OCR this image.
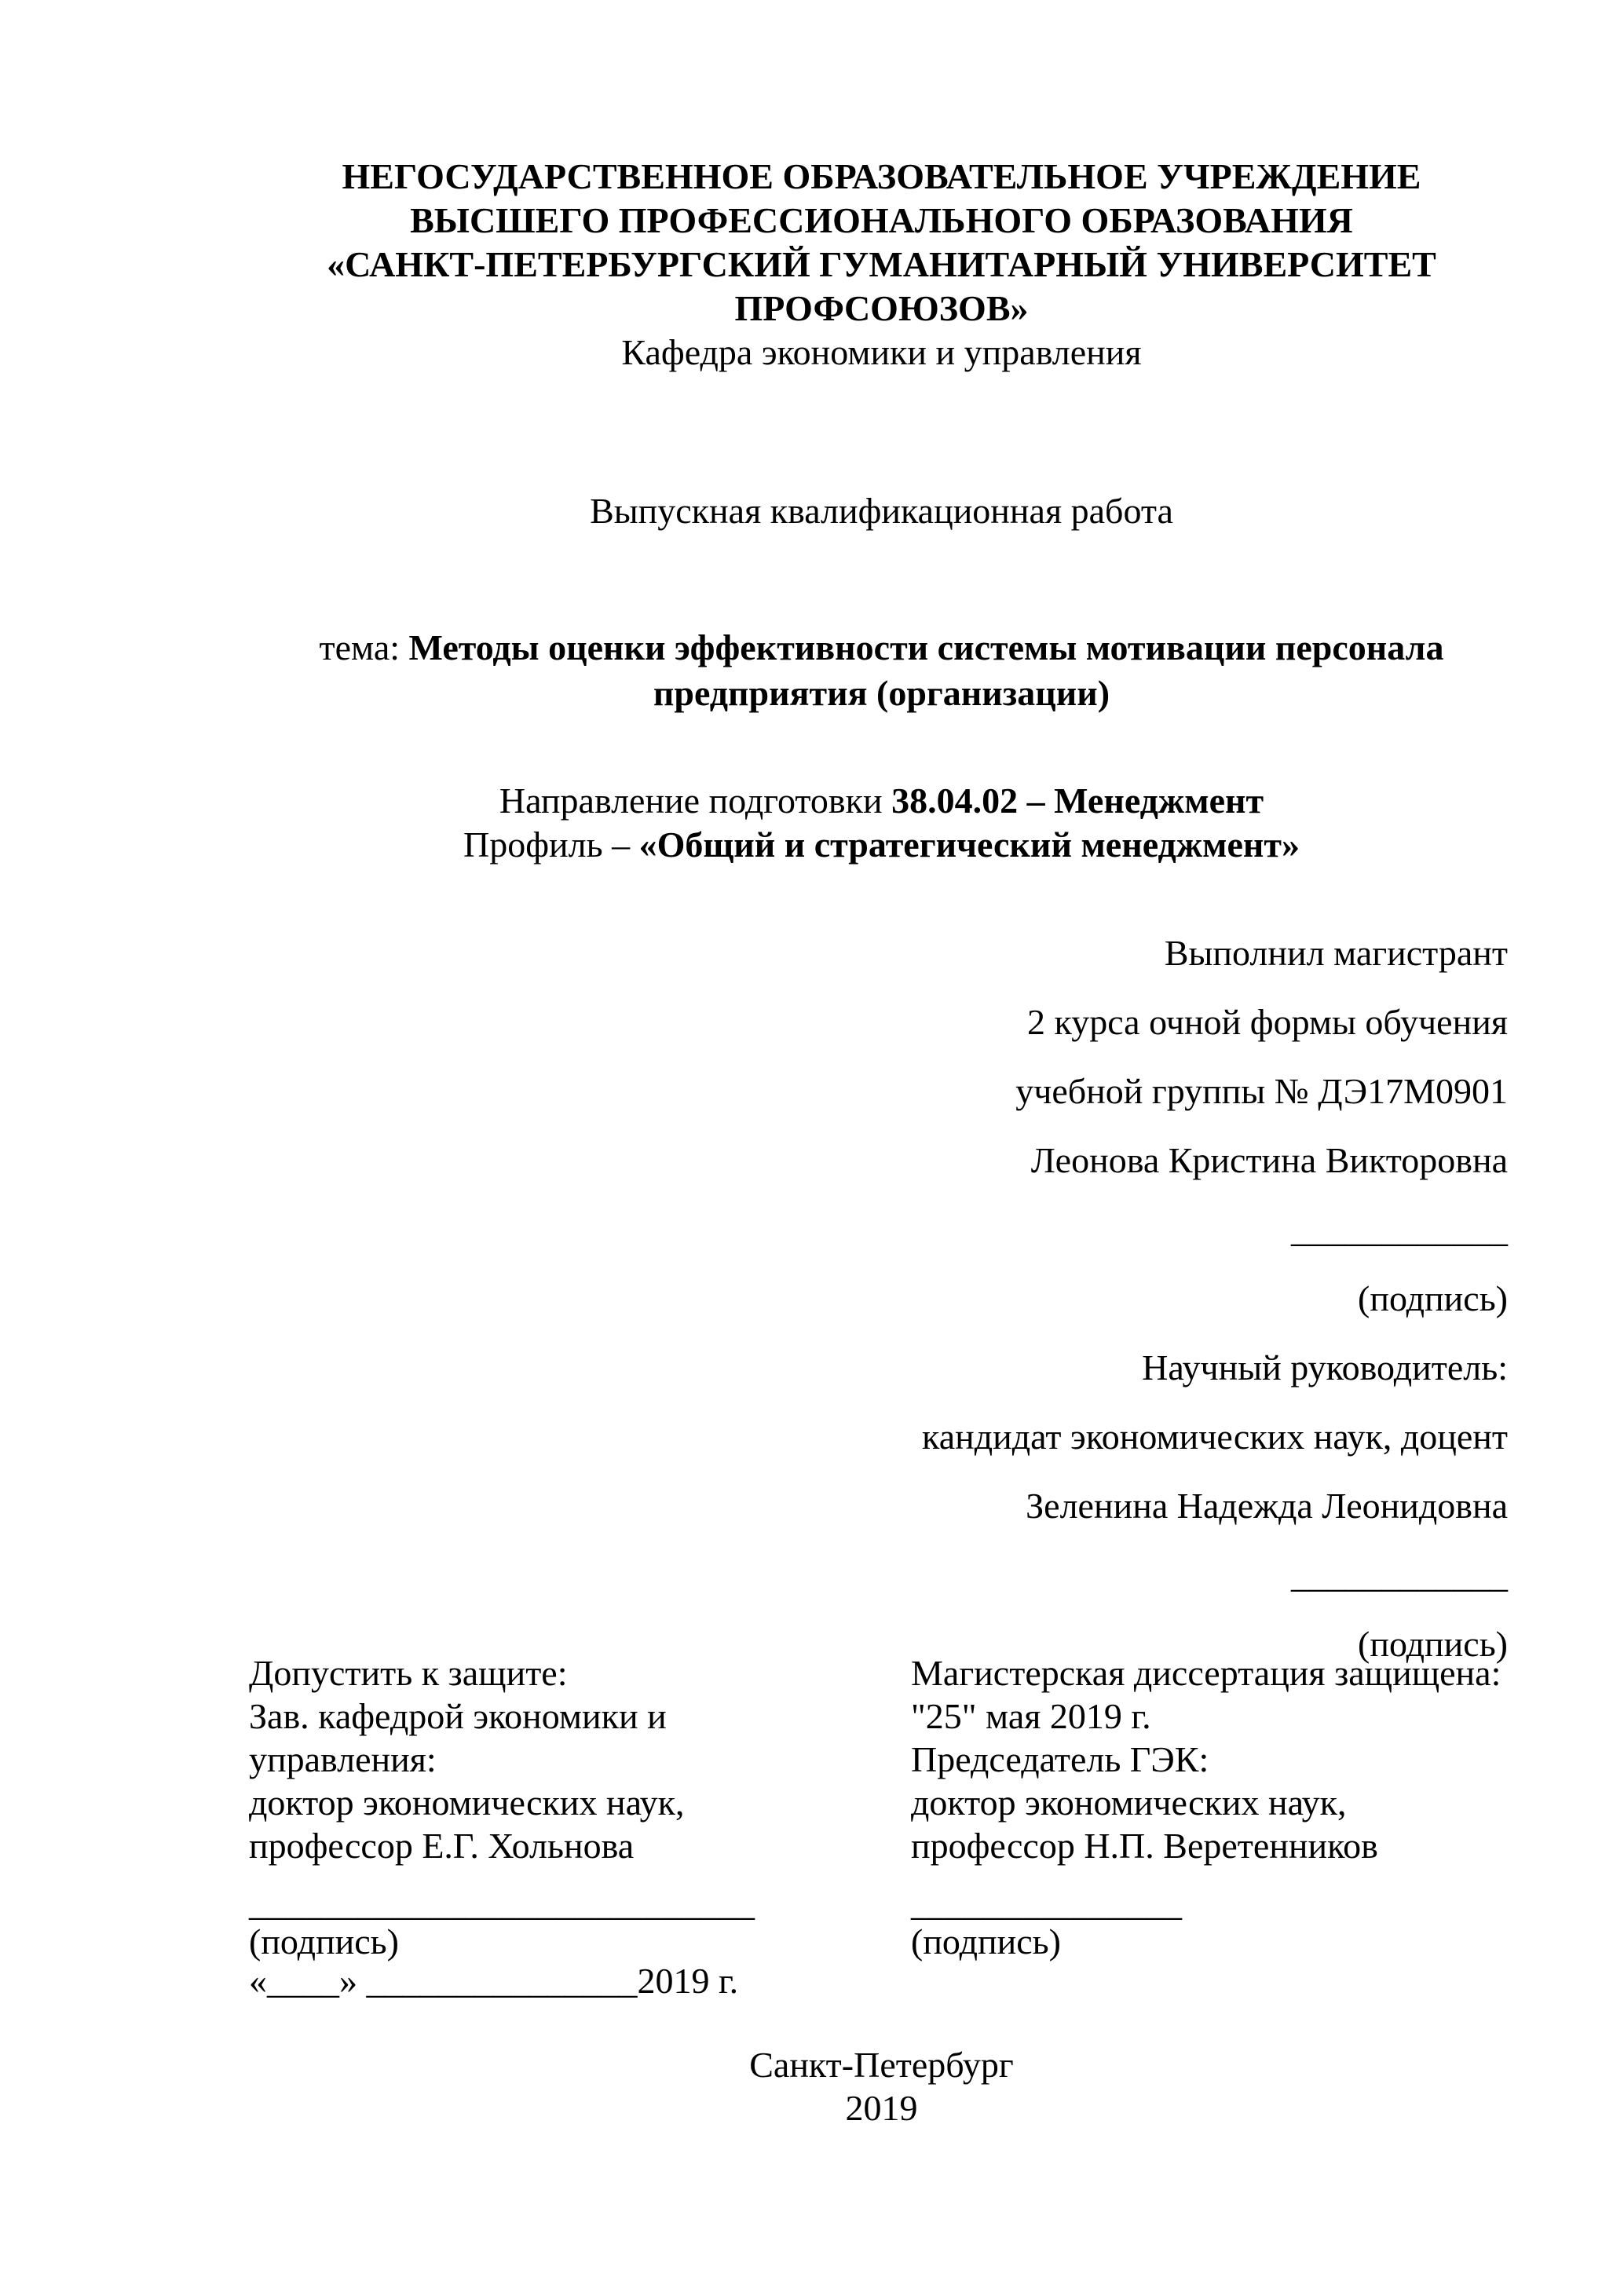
НЕГОСУДАРСТВЕННОЕ ОБРАЗОВАТЕЛЬНОЕ УЧРЕЖДЕНИЕ
ВЫСШЕГО ПРОФЕССИОНАЛЬНОГО ОБРАЗОВАНИЯ
«САНКТ-ПЕТЕРБУРГСКИЙ ГУМАНИТАРНЫЙ УНИВЕРСИТЕТ
ПРОФСОЮЗОВ»
Кафедра экономики и управления
Выпускная квалификационная работа
тема: Методы оценки эффективности системы мотивации персонала
предприятия (организации)
Направление подготовки 38.04.02 – Менеджмент
Профиль – «Общий и стратегический менеджмент»
Выполнил магистрант
2 курса очной формы обучения
учебной группы № ДЭ17М0901
Леонова Кристина Викторовна
____________
(подпись)
Научный руководитель:
кандидат экономических наук, доцент
Зеленина Надежда Леонидовна
____________
(подпись)
Допустить к защите:
Зав. кафедрой экономики и
управления:
доктор экономических наук,
профессор Е.Г. Хольнова
____________________________
(подпись)
«____» _______________2019 г.
Магистерская диссертация защищена:
"25" мая 2019 г.
Председатель ГЭК:
доктор экономических наук,
профессор Н.П. Веретенников
_______________
(подпись)
Санкт-Петербург
2019
